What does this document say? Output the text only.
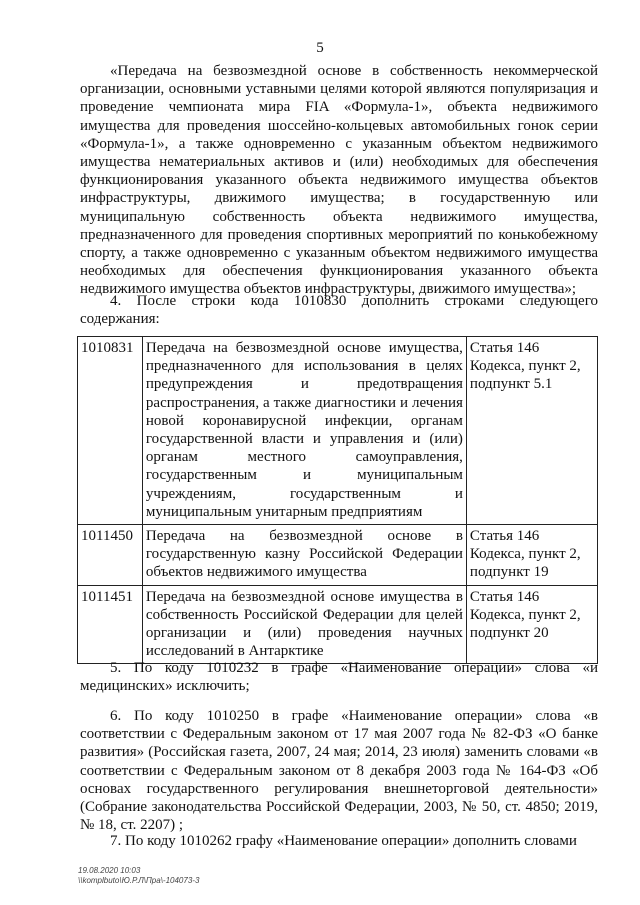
5
«Передача на безвозмездной основе в собственность некоммерческой организации, основными уставными целями которой являются популяризация и проведение чемпионата мира FIA «Формула-1», объекта недвижимого имущества для проведения шоссейно-кольцевых автомобильных гонок серии «Формула-1», а также одновременно с указанным объектом недвижимого имущества нематериальных активов и (или) необходимых для обеспечения функционирования указанного объекта недвижимого имущества объектов инфраструктуры, движимого имущества; в государственную или муниципальную собственность объекта недвижимого имущества, предназначенного для проведения спортивных мероприятий по конькобежному спорту, а также одновременно с указанным объектом недвижимого имущества необходимых для обеспечения функционирования указанного объекта недвижимого имущества объектов инфраструктуры, движимого имущества»;
4. После строки кода 1010830 дополнить строками следующего содержания:
1010831	Передача на безвозмездной основе имущества, предназначенного для использования в целях предупреждения и предотвращения распространения, а также диагностики и лечения новой коронавирусной инфекции, органам государственной власти и управления и (или) органам местного самоуправления, государственным и муниципальным учреждениям, государственным и муниципальным унитарным предприятиям	Статья 146 Кодекса, пункт 2, подпункт 5.1
1011450	Передача на безвозмездной основе в государственную казну Российской Федерации объектов недвижимого имущества	Статья 146 Кодекса, пункт 2, подпункт 19
1011451	Передача на безвозмездной основе имущества в собственность Российской Федерации для целей организации и (или) проведения научных исследований в Антарктике	Статья 146 Кодекса, пункт 2, подпункт 20
5. По коду 1010232 в графе «Наименование операции» слова «и медицинских» исключить;
6. По коду 1010250 в графе «Наименование операции» слова «в соответствии с Федеральным законом от 17 мая 2007 года № 82-ФЗ «О банке развития» (Российская газета, 2007, 24 мая; 2014, 23 июля) заменить словами «в соответствии с Федеральным законом от 8 декабря 2003 года № 164-ФЗ «Об основах государственного регулирования внешнеторговой деятельности» (Собрание законодательства Российской Федерации, 2003, № 50, ст. 4850; 2019, № 18, ст. 2207) ;
7. По коду 1010262 графу «Наименование операции» дополнить словами
19.08.2020 10:03
\\komplbuto\Ю.Р.Л\Пра\-104073-3
